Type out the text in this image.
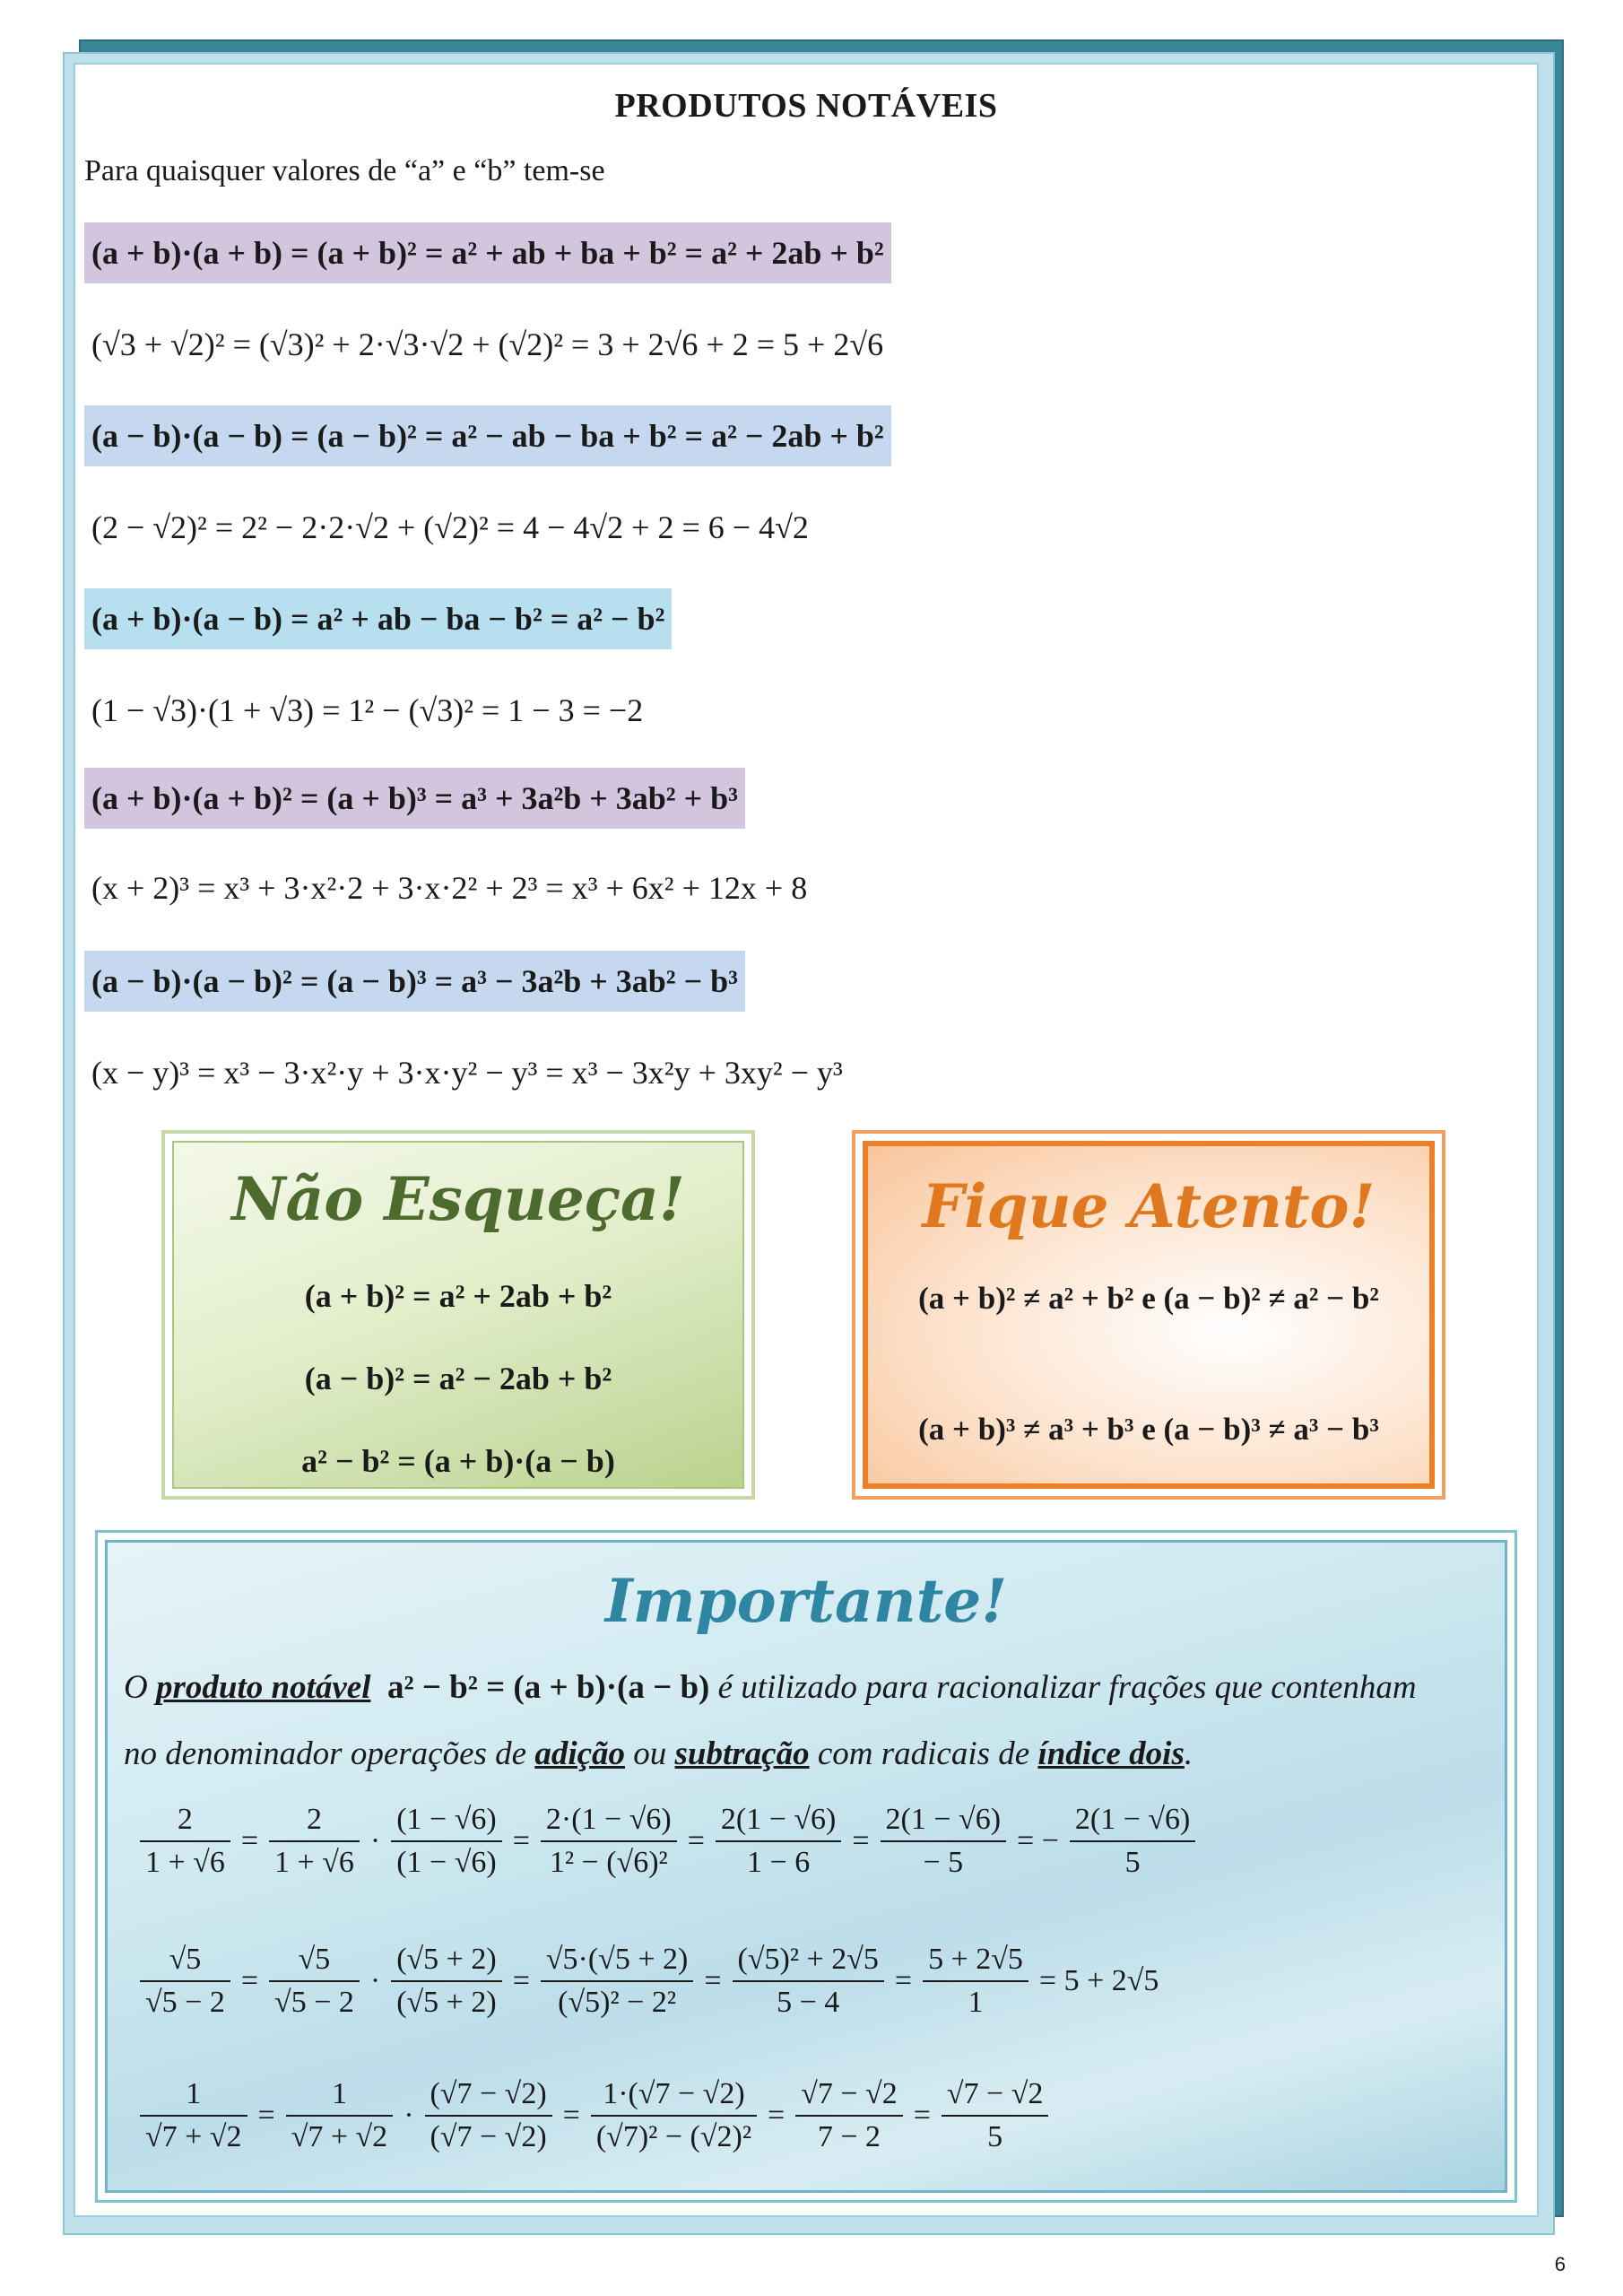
PRODUTOS NOTÁVEIS
Para quaisquer valores de “a” e “b” tem-se
(a + b)·(a + b) = (a + b)² = a² + ab + ba + b² = a² + 2ab + b²
(√3 + √2)² = (√3)² + 2·√3·√2 + (√2)² = 3 + 2√6 + 2 = 5 + 2√6
(a − b)·(a − b) = (a − b)² = a² − ab − ba + b² = a² − 2ab + b²
(2 − √2)² = 2² − 2·2·√2 + (√2)² = 4 − 4√2 + 2 = 6 − 4√2
(a + b)·(a − b) = a² + ab − ba − b² = a² − b²
(1 − √3)·(1 + √3) = 1² − (√3)² = 1 − 3 = −2
(a + b)·(a + b)² = (a + b)³ = a³ + 3a²b + 3ab² + b³
(x + 2)³ = x³ + 3·x²·2 + 3·x·2² + 2³ = x³ + 6x² + 12x + 8
(a − b)·(a − b)² = (a − b)³ = a³ − 3a²b + 3ab² − b³
(x − y)³ = x³ − 3·x²·y + 3·x·y² − y³ = x³ − 3x²y + 3xy² − y³
Não Esqueça!
(a + b)² = a² + 2ab + b²
(a − b)² = a² − 2ab + b²
a² − b² = (a + b)·(a − b)
Fique Atento!
(a + b)² ≠ a² + b² e (a − b)² ≠ a² − b²
(a + b)³ ≠ a³ + b³ e (a − b)³ ≠ a³ − b³
Importante!
O produto notável a² − b² = (a + b)·(a − b) é utilizado para racionalizar frações que contenham
no denominador operações de adição ou subtração com radicais de índice dois.
$\frac{2}{1 + √6} = \frac{2}{1 + √6} \cdot \frac{(1 - √6)}{(1 - √6)} = \frac{2\cdot(1 - √6)}{\text{1² − (√6)²}} = \frac{2(1 - √6)}{1 - 6} = \frac{2(1 - √6)}{- 5}$ = − $\frac{2(1 - √6)}{5}$
$\frac{√5}{√5 - 2} = \frac{√5}{√5 - 2} \cdot \frac{(√5 + 2)}{(√5 + 2)} = \frac{√5\cdot(√5 + 2)}{\text{(√5)² − 2²}} = \frac{\text{(√5)² + 2√5}}{5 - 4} = \frac{5 + 2√5}{1} = 5 + 2√5$
$\frac{1}{√7 + √2} = \frac{1}{√7 + √2} \cdot \frac{(√7 - √2)}{(√7 - √2)} = \frac{1\cdot(√7 - √2)}{\text{(√7)² − (√2)²}} = \frac{√7 - √2}{7 - 2} = \frac{√7 - √2}{5}$
6
